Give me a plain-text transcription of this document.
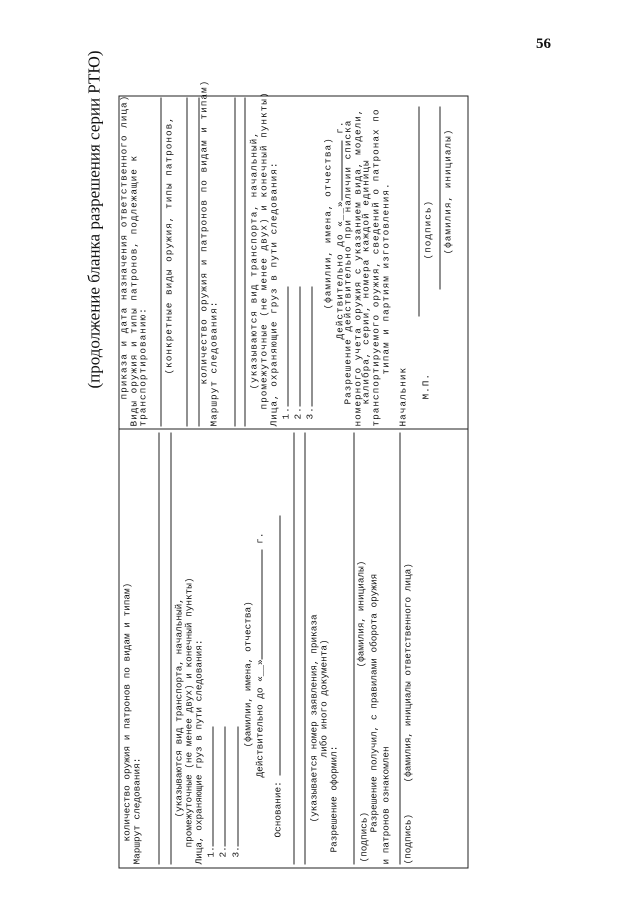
56
(продолжение бланка разрешения серии РТЮ)
количество оружия и патронов по видам и типам) Маршрут следования:	(указываются вид транспорта, начальный, промежуточные (не менее двух) и конечный пункты) Лица, охраняющие груз в пути следования: 1. 2. 3.
(фамилии, имена, отчества) Действительно до «__» г.
Основание:	(указывается номер заявления, приказа либо иного документа)
Разрешение оформил: (подпись)
(фамилия, инициалы) Разрешение получил, с правилами оборота оружия и патронов ознакомлен (подпись)
(фамилия, инициалы ответственного лица)
приказа и дата назначения ответственного лица) Виды оружия и типы патронов, подлежащие к
транспортированию: (конкретные виды оружия, типы патронов,	количество оружия и патронов по видам и типам) Маршрут следования:	(указываются вид транспорта, начальный, промежуточные (не менее двух) и конечный пункты) Лица, охраняющие груз в пути следования: 1. 2. 3.
(фамилии, имена, отчества) Действительно до «__» г.
Разрешение действительно при наличии списка номерного учета оружия с указанием вида, модели,
калибра, серии, номера каждой единицы транспортируемого оружия, сведений о патронах по типам и партиям изготовления.
Начальник М.П.
(подпись) (фамилия, инициалы)
